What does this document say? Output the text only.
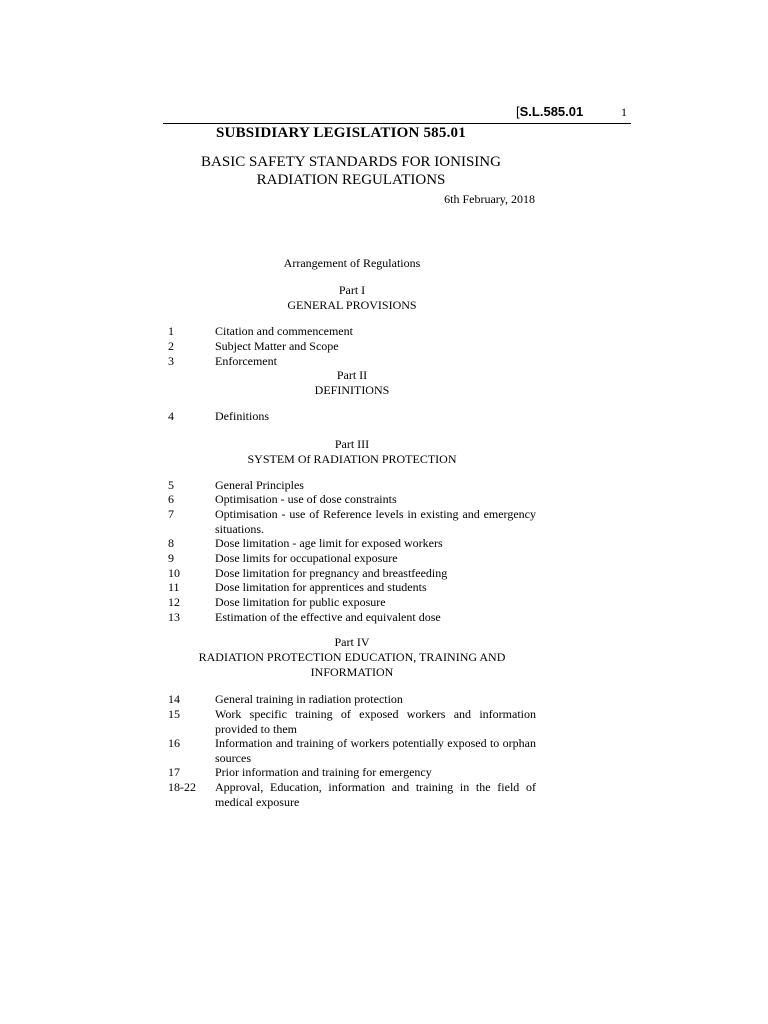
[S.L.585.01	1
SUBSIDIARY LEGISLATION 585.01
BASIC SAFETY STANDARDS FOR IONISING
RADIATION REGULATIONS
6th February, 2018
Arrangement of Regulations
Part I
GENERAL PROVISIONS
1	Citation and commencement
2	Subject Matter and Scope
3	Enforcement
Part II
DEFINITIONS
4	Definitions
Part III
SYSTEM Of RADIATION PROTECTION
5	General Principles
6	Optimisation - use of dose constraints
7	Optimisation - use of Reference levels in existing and emergency situations.
8	Dose limitation - age limit for exposed workers
9	Dose limits for occupational exposure
10	Dose limitation for pregnancy and breastfeeding
11	Dose limitation for apprentices and students
12	Dose limitation for public exposure
13	Estimation of the effective and equivalent dose
Part IV
RADIATION PROTECTION EDUCATION, TRAINING AND
INFORMATION
14	General training in radiation protection
15	Work specific training of exposed workers and information provided to them
16	Information and training of workers potentially exposed to orphan sources
17	Prior information and training for emergency
18-22 Approval, Education, information and training in the field of medical exposure
